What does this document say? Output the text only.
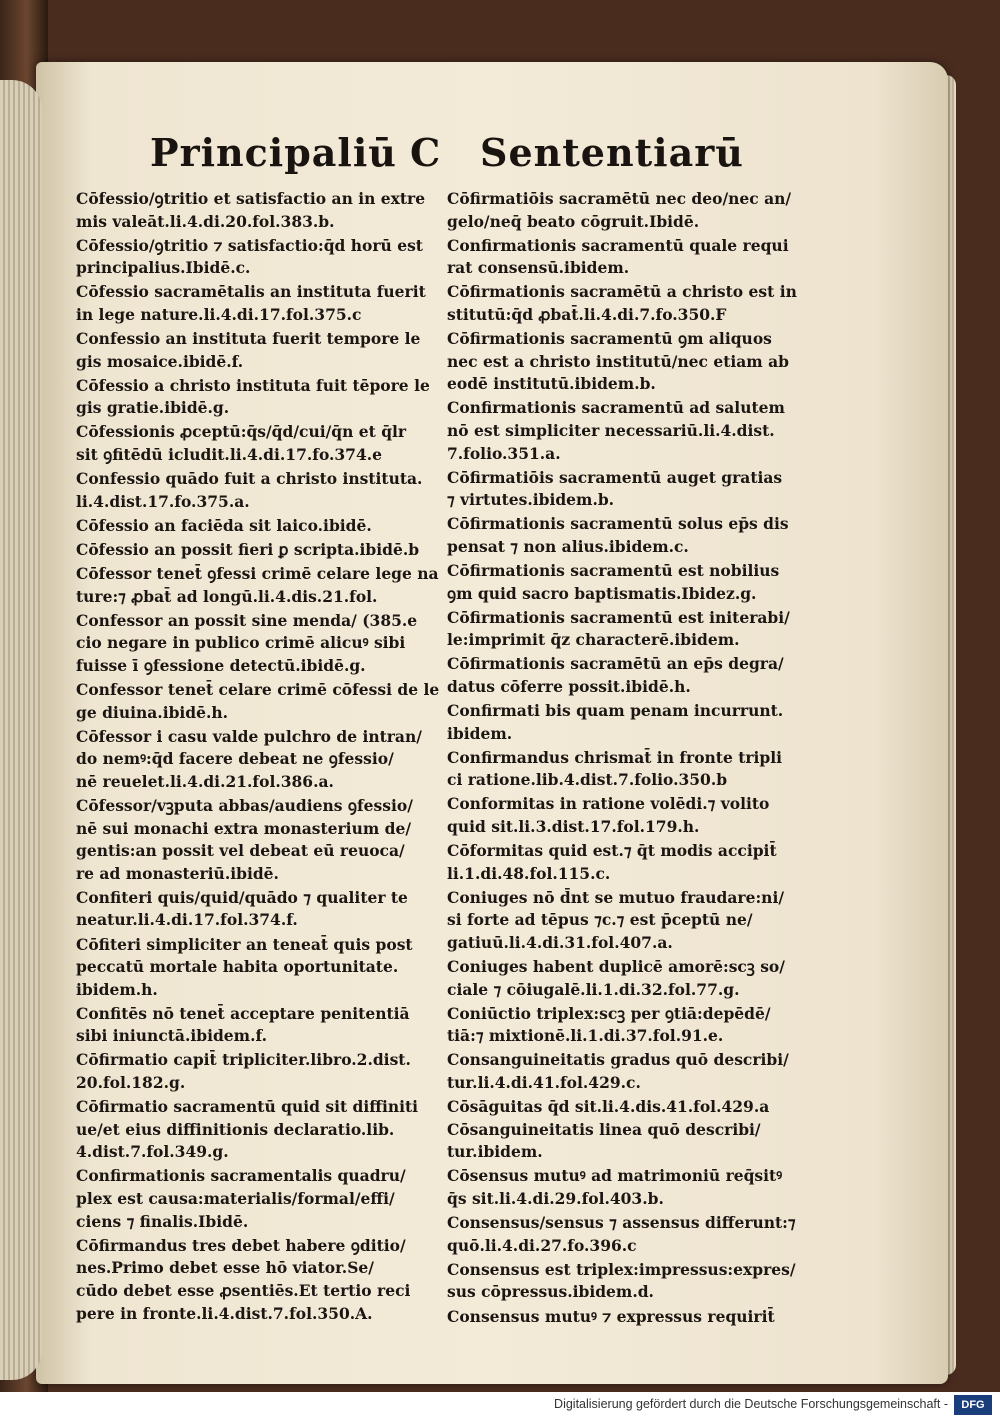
Principaliū C Sententiarū
Cōfessio/ꝯtritio et satisfactio an in extre
mis valeāt.li.4.di.20.fol.383.b.
Cōfessio/ꝯtritio ⁊ satisfactio:q̄d horū est
principalius.Ibidē.c.
Cōfessio sacramētalis an instituta fuerit
in lege nature.li.4.di.17.fol.375.c
Confessio an instituta fuerit tempore le
gis mosaice.ibidē.f.
Cōfessio a christo instituta fuit tēpore le
gis gratie.ibidē.g.
Cōfessionis ꝓceptū:q̄s/q̄d/cui/q̄n et q̄lr
sit ꝯfitēdū icludit.li.4.di.17.fo.374.e
Confessio quādo fuit a christo instituta.
li.4.dist.17.fo.375.a.
Cōfessio an faciēda sit laico.ibidē.
Cōfessio an possit fieri ꝑ scripta.ibidē.b
Cōfessor tenet̄ ꝯfessi crimē celare lege na
ture:⁊ ꝓbat̄ ad longū.li.4.dis.21.fol.
Confessor an possit sine menda/ (385.e
cio negare in publico crimē alicuꝰ sibi
fuisse ī ꝯfessione detectū.ibidē.g.
Confessor tenet̄ celare crimē cōfessi de le
ge diuina.ibidē.h.
Cōfessor i casu valde pulchro de intran/
do nemꝰ:q̄d facere debeat ne ꝯfessio/
nē reuelet.li.4.di.21.fol.386.a.
Cōfessor/vꝫputa abbas/audiens ꝯfessio/
nē sui monachi extra monasterium de/
gentis:an possit vel debeat eū reuoca/
re ad monasteriū.ibidē.
Confiteri quis/quid/quādo ⁊ qualiter te
neatur.li.4.di.17.fol.374.f.
Cōfiteri simpliciter an teneat̄ quis post
peccatū mortale habita oportunitate.
ibidem.h.
Confitēs nō tenet̄ acceptare penitentiā
sibi iniunctā.ibidem.f.
Cōfirmatio capit̄ tripliciter.libro.2.dist.
20.fol.182.g.
Cōfirmatio sacramentū quid sit diffiniti
ue/et eius diffinitionis declaratio.lib.
4.dist.7.fol.349.g.
Confirmationis sacramentalis quadru/
plex est causa:materialis/formal/effi/
ciens ⁊ finalis.Ibidē.
Cōfirmandus tres debet habere ꝯditio/
nes.Primo debet esse hō viator.Se/
cūdo debet esse ꝓsentiēs.Et tertio reci
pere in fronte.li.4.dist.7.fol.350.A.
Cōfirmatiōis sacramētū nec deo/nec an/
gelo/neq̄ beato cōgruit.Ibidē.
Confirmationis sacramentū quale requi
rat consensū.ibidem.
Cōfirmationis sacramētū a christo est in
stitutū:q̄d ꝓbat̄.li.4.di.7.fo.350.F
Cōfirmationis sacramentū ꝯm aliquos
nec est a christo institutū/nec etiam ab
eodē institutū.ibidem.b.
Confirmationis sacramentū ad salutem
nō est simpliciter necessariū.li.4.dist.
7.folio.351.a.
Cōfirmatiōis sacramentū auget gratias
⁊ virtutes.ibidem.b.
Cōfirmationis sacramentū solus ep̄s dis
pensat ⁊ non alius.ibidem.c.
Cōfirmationis sacramentū est nobilius
ꝯm quid sacro baptismatis.Ibidez.g.
Cōfirmationis sacramentū est initerabi/
le:imprimit q̄z characterē.ibidem.
Cōfirmationis sacramētū an ep̄s degra/
datus cōferre possit.ibidē.h.
Confirmati bis quam penam incurrunt.
ibidem.
Confirmandus chrismat̄ in fronte tripli
ci ratione.lib.4.dist.7.folio.350.b
Conformitas in ratione volēdi.⁊ volito
quid sit.li.3.dist.17.fol.179.h.
Cōformitas quid est.⁊ q̄t modis accipit̄
li.1.di.48.fol.115.c.
Coniuges nō d̄nt se mutuo fraudare:ni/
si forte ad tēpus ⁊c.⁊ est p̄ceptū ne/
gatiuū.li.4.di.31.fol.407.a.
Coniuges habent duplicē amorē:scꝫ so/
ciale ⁊ cōiugalē.li.1.di.32.fol.77.g.
Coniūctio triplex:scꝫ per ꝯtiā:depēdē/
tiā:⁊ mixtionē.li.1.di.37.fol.91.e.
Consanguineitatis gradus quō describi/
tur.li.4.di.41.fol.429.c.
Cōsāguitas q̄d sit.li.4.dis.41.fol.429.a
Cōsanguineitatis linea quō describi/
tur.ibidem.
Cōsensus mutuꝰ ad matrimoniū req̄sitꝰ
q̄s sit.li.4.di.29.fol.403.b.
Consensus/sensus ⁊ assensus differunt:⁊
quō.li.4.di.27.fo.396.c
Consensus est triplex:impressus:expres/
sus cōpressus.ibidem.d.
Consensus mutuꝰ ⁊ expressus requirit̄
Digitalisierung gefördert durch die Deutsche Forschungsgemeinschaft -	DFG
